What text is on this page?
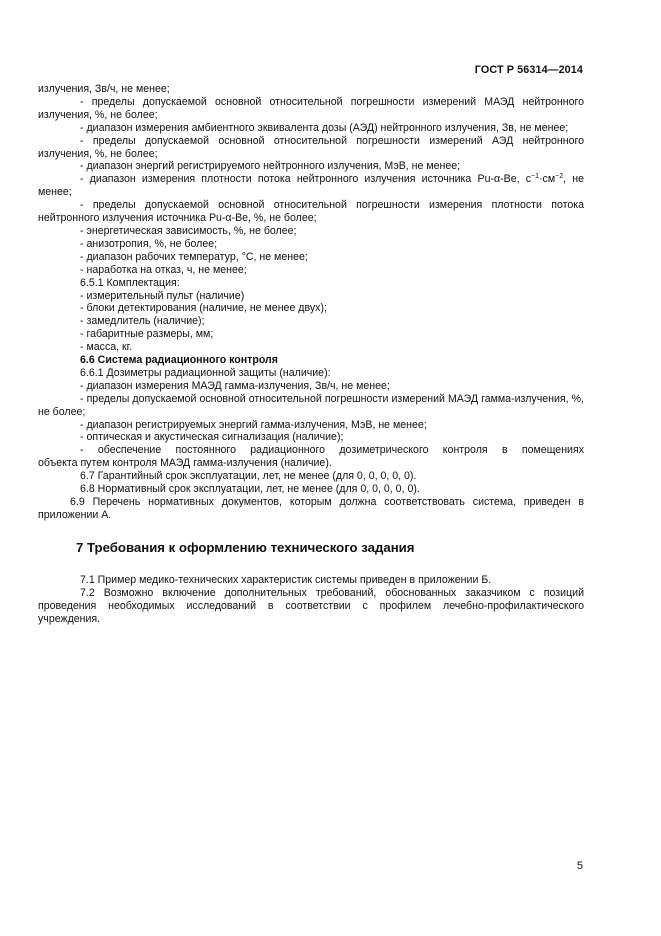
ГОСТ Р 56314—2014

излучения, Зв/ч, не менее;

- пределы допускаемой основной относительной погрешности измерений МАЭД нейтронного излучения, %, не более;

- диапазон измерения амбиентного эквивалента дозы (АЭД) нейтронного излучения, Зв, не менее;

- пределы допускаемой основной относительной погрешности измерений АЭД нейтронного излучения, %, не более;

- диапазон энергий регистрируемого нейтронного излучения, МэВ, не менее;

- диапазон измерения плотности потока нейтронного излучения источника Pu-α-Be, $с^{-1}\cdot см^{-2}$, не менее;

- пределы допускаемой основной относительной погрешности измерения плотности потока нейтронного излучения источника Pu-α-Be, %, не более;

- энергетическая зависимость, %, не более;

- анизотропия, %, не более;

- диапазон рабочих температур, °С, не менее;

- наработка на отказ, ч, не менее;

6.5.1 Комплектация:

- измерительный пульт (наличие)

- блоки детектирования (наличие, не менее двух);

- замедлитель (наличие);

- габаритные размеры, мм;

- масса, кг.

6.6 Система радиационного контроля

6.6.1 Дозиметры радиационной защиты (наличие):

- диапазон измерения МАЭД гамма-излучения, Зв/ч, не менее;

- пределы допускаемой основной относительной погрешности измерений МАЭД гамма-излучения, %, не более;

- диапазон регистрируемых энергий гамма-излучения, МэВ, не менее;

- оптическая и акустическая сигнализация (наличие);

- обеспечение постоянного радиационного дозиметрического контроля в помещениях

объекта путем контроля МАЭД гамма-излучения (наличие).

6.7 Гарантийный срок эксплуатации, лет, не менее (для 0, 0, 0, 0, 0).

6.8 Нормативный срок эксплуатации, лет, не менее (для 0, 0, 0, 0, 0).

6.9 Перечень нормативных документов, которым должна соответствовать система, приведен в приложении А.

7 Требования к оформлению технического задания

7.1 Пример медико-технических характеристик системы приведен в приложении Б.

7.2 Возможно включение дополнительных требований, обоснованных заказчиком с позиций проведения необходимых исследований в соответствии с профилем лечебно-профилактического учреждения.

5
